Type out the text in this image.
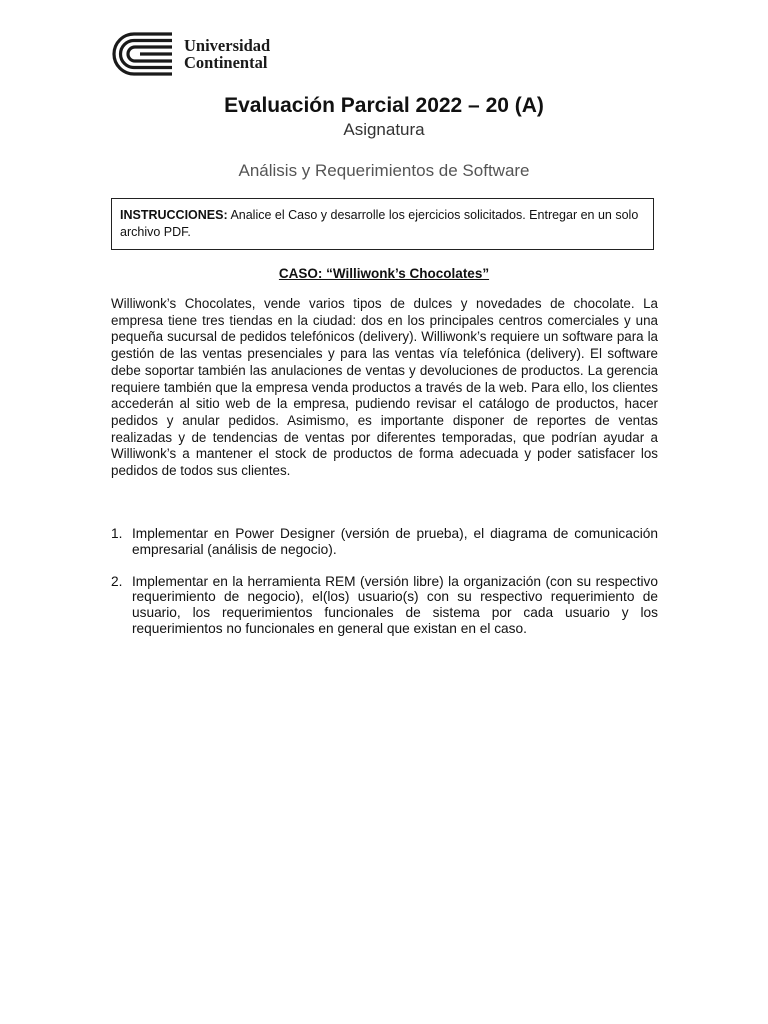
Universidad
Continental
Evaluación Parcial 2022 – 20 (A)
Asignatura
Análisis y Requerimientos de Software
INSTRUCCIONES: Analice el Caso y desarrolle los ejercicios solicitados. Entregar en un solo archivo PDF.
CASO: “Williwonk’s Chocolates”
Williwonk’s Chocolates, vende varios tipos de dulces y novedades de chocolate. La empresa tiene tres tiendas en la ciudad: dos en los principales centros comerciales y una pequeña sucursal de pedidos telefónicos (delivery). Williwonk’s requiere un software para la gestión de las ventas presenciales y para las ventas vía telefónica (delivery). El software debe soportar también las anulaciones de ventas y devoluciones de productos. La gerencia requiere también que la empresa venda productos a través de la web. Para ello, los clientes accederán al sitio web de la empresa, pudiendo revisar el catálogo de productos, hacer pedidos y anular pedidos. Asimismo, es importante disponer de reportes de ventas realizadas y de tendencias de ventas por diferentes temporadas, que podrían ayudar a Williwonk’s a mantener el stock de productos de forma adecuada y poder satisfacer los pedidos de todos sus clientes.
1. Implementar en Power Designer (versión de prueba), el diagrama de comunicación empresarial (análisis de negocio).
2. Implementar en la herramienta REM (versión libre) la organización (con su respectivo requerimiento de negocio), el(los) usuario(s) con su respectivo requerimiento de usuario, los requerimientos funcionales de sistema por cada usuario y los requerimientos no funcionales en general que existan en el caso.
